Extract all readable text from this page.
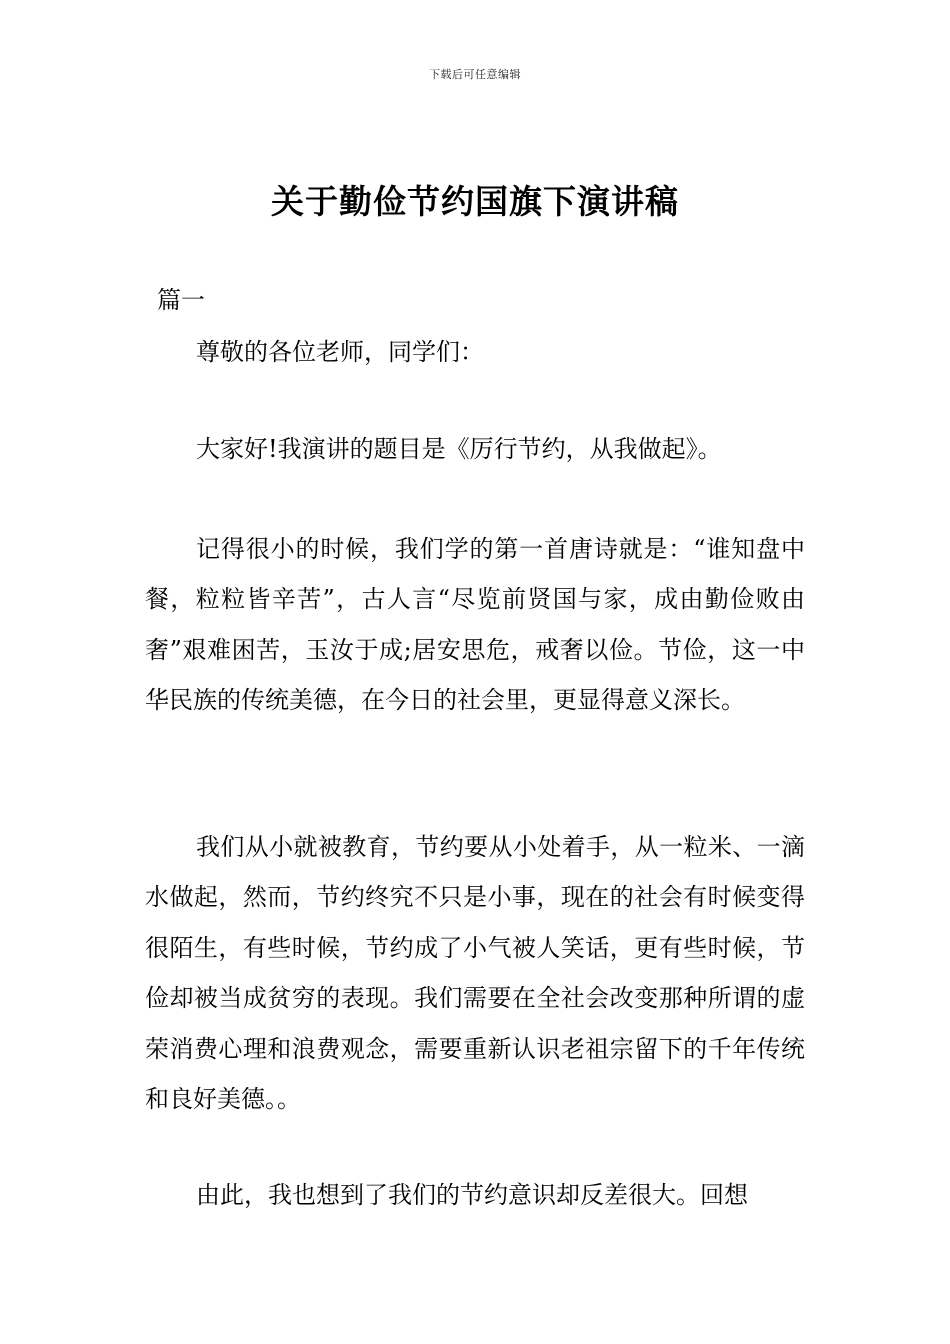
下载后可任意编辑
关于勤俭节约国旗下演讲稿
篇一

尊敬的各位老师，同学们：

大家好!我演讲的题目是《厉行节约，从我做起》。

记得很小的时候，我们学的第一首唐诗就是：“谁知盘中餐，粒粒皆辛苦”，古人言“尽览前贤国与家，成由勤俭败由奢”艰难困苦，玉汝于成;居安思危，戒奢以俭。节俭，这一中华民族的传统美德，在今日的社会里，更显得意义深长。

我们从小就被教育，节约要从小处着手，从一粒米、一滴水做起，然而，节约终究不只是小事，现在的社会有时候变得很陌生，有些时候，节约成了小气被人笑话，更有些时候，节俭却被当成贫穷的表现。我们需要在全社会改变那种所谓的虚荣消费心理和浪费观念，需要重新认识老祖宗留下的千年传统和良好美德。。

由此，我也想到了我们的节约意识却反差很大。回想
